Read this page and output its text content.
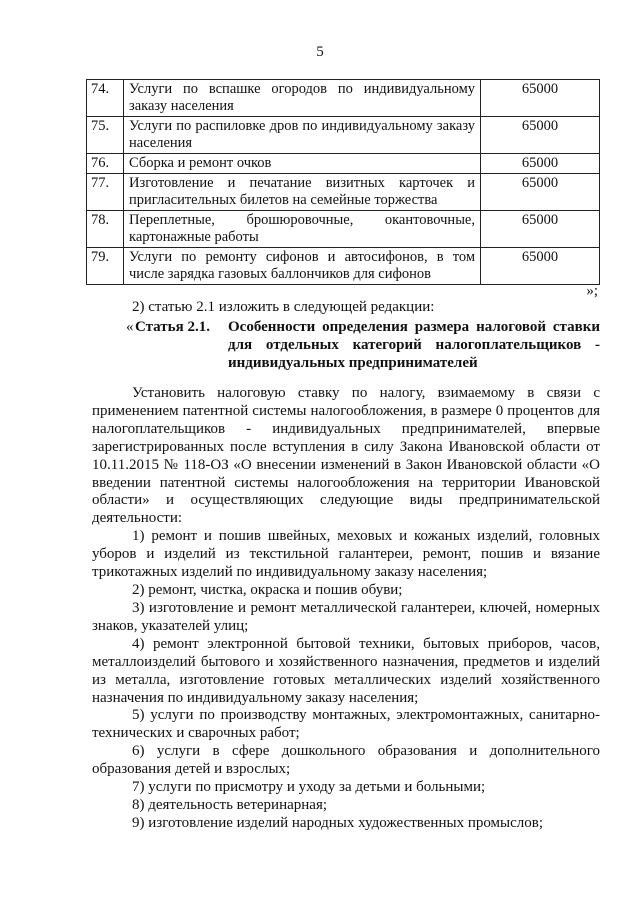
5
74.	Услуги по вспашке огородов по индивидуальному заказу населения	65000
75.	Услуги по распиловке дров по индивидуальному заказу населения	65000
76.	Сборка и ремонт очков	65000
77.	Изготовление и печатание визитных карточек и пригласительных билетов на семейные торжества	65000
78.	Переплетные, брошюровочные, окантовочные, картонажные работы	65000
79.	Услуги по ремонту сифонов и автосифонов, в том числе зарядка газовых баллончиков для сифонов	65000
»;
2) статью 2.1 изложить в следующей редакции:
« Статья 2.1. Особенности определения размера налоговой ставки для отдельных категорий налогоплательщиков - индивидуальных предпринимателей
Установить налоговую ставку по налогу, взимаемому в связи с применением патентной системы налогообложения, в размере 0 процентов для налогоплательщиков - индивидуальных предпринимателей, впервые зарегистрированных после вступления в силу Закона Ивановской области от 10.11.2015 № 118-ОЗ «О внесении изменений в Закон Ивановской области «О введении патентной системы налогообложения на территории Ивановской области» и осуществляющих следующие виды предпринимательской деятельности:
1) ремонт и пошив швейных, меховых и кожаных изделий, головных уборов и изделий из текстильной галантереи, ремонт, пошив и вязание трикотажных изделий по индивидуальному заказу населения;
2) ремонт, чистка, окраска и пошив обуви;
3) изготовление и ремонт металлической галантереи, ключей, номерных знаков, указателей улиц;
4) ремонт электронной бытовой техники, бытовых приборов, часов, металлоизделий бытового и хозяйственного назначения, предметов и изделий из металла, изготовление готовых металлических изделий хозяйственного назначения по индивидуальному заказу населения;
5) услуги по производству монтажных, электромонтажных, санитарно-технических и сварочных работ;
6) услуги в сфере дошкольного образования и дополнительного образования детей и взрослых;
7) услуги по присмотру и уходу за детьми и больными;
8) деятельность ветеринарная;
9) изготовление изделий народных художественных промыслов;
